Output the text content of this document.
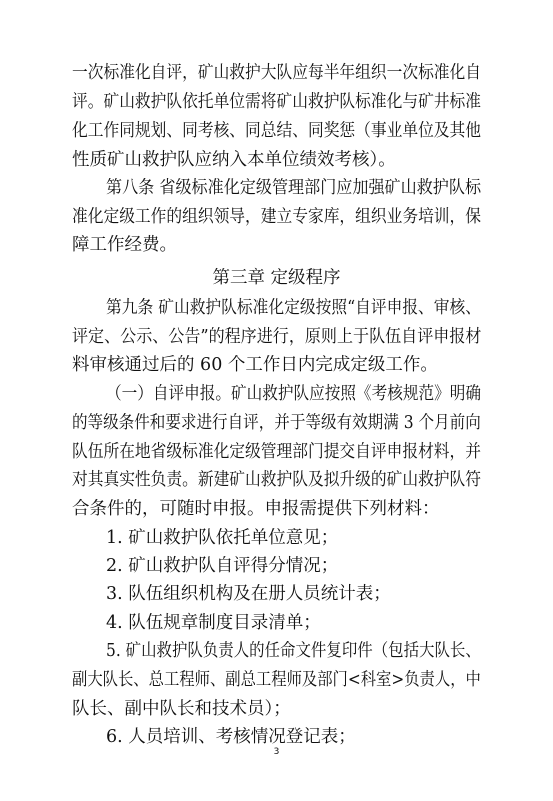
一次标准化自评，矿山救护大队应每半年组织一次标准化自
评。矿山救护队依托单位需将矿山救护队标准化与矿井标准
化工作同规划、同考核、同总结、同奖惩（事业单位及其他
性质矿山救护队应纳入本单位绩效考核）。
第八条 省级标准化定级管理部门应加强矿山救护队标
准化定级工作的组织领导，建立专家库，组织业务培训，保
障工作经费。
第三章 定级程序
第九条 矿山救护队标准化定级按照“自评申报、审核、
评定、公示、公告”的程序进行，原则上于队伍自评申报材
料审核通过后的 60 个工作日内完成定级工作。
（一）自评申报。矿山救护队应按照《考核规范》明确
的等级条件和要求进行自评，并于等级有效期满 3 个月前向
队伍所在地省级标准化定级管理部门提交自评申报材料，并
对其真实性负责。新建矿山救护队及拟升级的矿山救护队符
合条件的，可随时申报。申报需提供下列材料：
1. 矿山救护队依托单位意见；
2. 矿山救护队自评得分情况；
3. 队伍组织机构及在册人员统计表；
4. 队伍规章制度目录清单；
5. 矿山救护队负责人的任命文件复印件（包括大队长、
副大队长、总工程师、副总工程师及部门<科室>负责人，中
队长、副中队长和技术员）；
6. 人员培训、考核情况登记表；
3
